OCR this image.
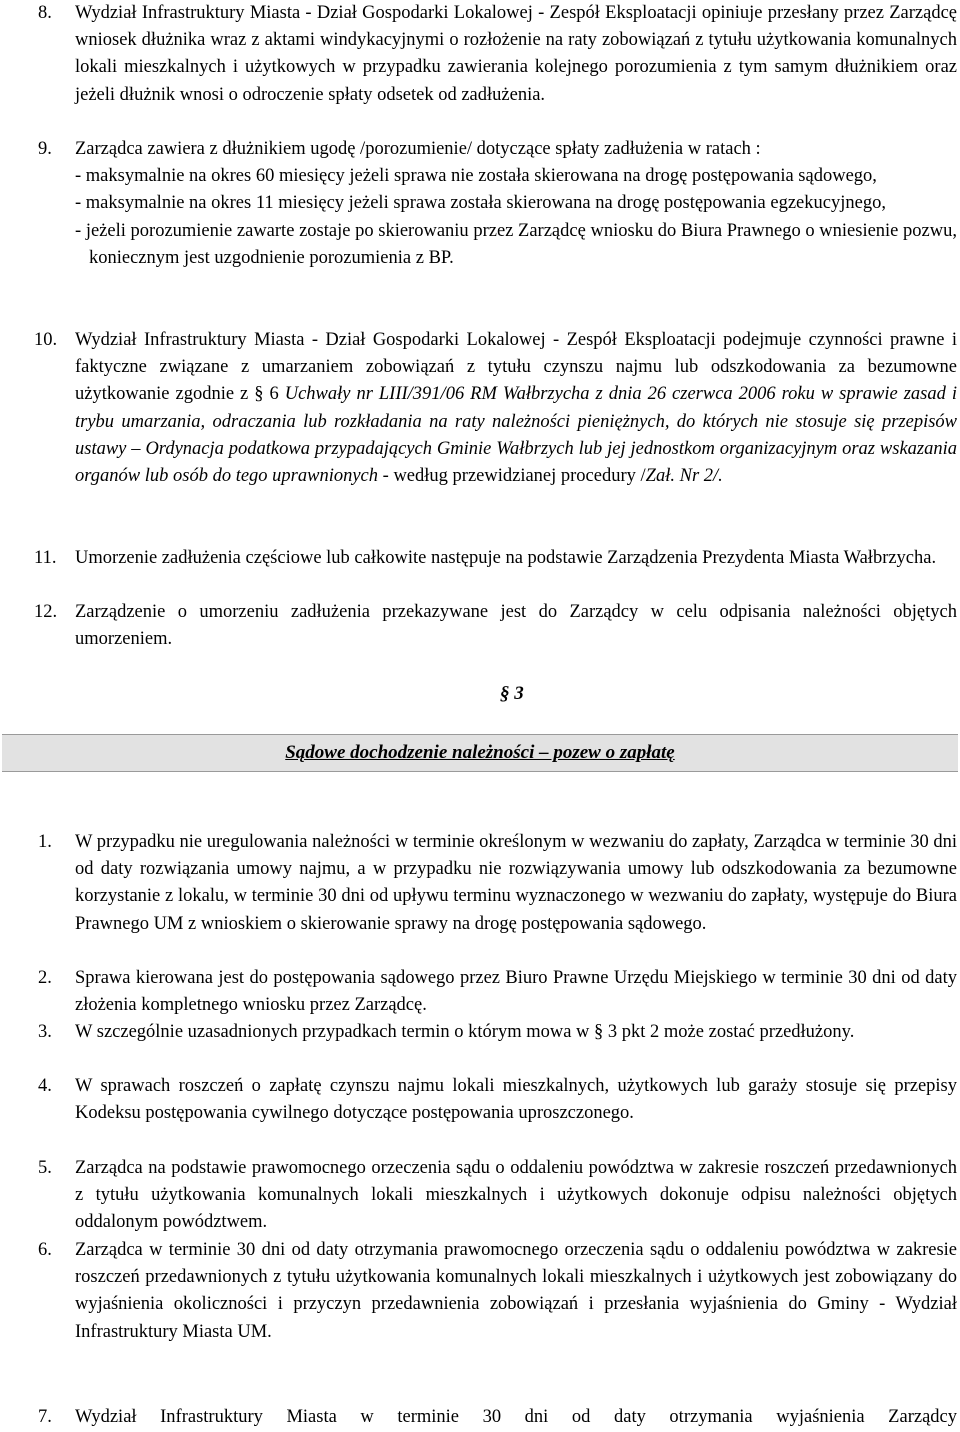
8. Wydział Infrastruktury Miasta - Dział Gospodarki Lokalowej - Zespół Eksploatacji opiniuje przesłany przez Zarządcę wniosek dłużnika wraz z aktami windykacyjnymi o rozłożenie na raty zobowiązań z tytułu użytkowania komunalnych lokali mieszkalnych i użytkowych w przypadku zawierania kolejnego porozumienia z tym samym dłużnikiem oraz jeżeli dłużnik wnosi o odroczenie spłaty odsetek od zadłużenia.
9. Zarządca zawiera z dłużnikiem ugodę /porozumienie/ dotyczące spłaty zadłużenia w ratach :
- maksymalnie na okres 60 miesięcy jeżeli sprawa nie została skierowana na drogę postępowania sądowego,
- maksymalnie na okres 11 miesięcy jeżeli sprawa została skierowana na drogę postępowania egzekucyjnego,
- jeżeli porozumienie zawarte zostaje po skierowaniu przez Zarządcę wniosku do Biura Prawnego o wniesienie pozwu, koniecznym jest uzgodnienie porozumienia z BP.
10. Wydział Infrastruktury Miasta - Dział Gospodarki Lokalowej - Zespół Eksploatacji podejmuje czynności prawne i faktyczne związane z umarzaniem zobowiązań z tytułu czynszu najmu lub odszkodowania za bezumowne użytkowanie zgodnie z § 6 Uchwały nr LIII/391/06 RM Wałbrzycha z dnia 26 czerwca 2006 roku w sprawie zasad i trybu umarzania, odraczania lub rozkładania na raty należności pieniężnych, do których nie stosuje się przepisów ustawy – Ordynacja podatkowa przypadających Gminie Wałbrzych lub jej jednostkom organizacyjnym oraz wskazania organów lub osób do tego uprawnionych - według przewidzianej procedury /Zał. Nr 2/.
11. Umorzenie zadłużenia częściowe lub całkowite następuje na podstawie Zarządzenia Prezydenta Miasta Wałbrzycha.
12. Zarządzenie o umorzeniu zadłużenia przekazywane jest do Zarządcy w celu odpisania należności objętych umorzeniem.
§ 3
Sądowe dochodzenie należności – pozew o zapłatę
1. W przypadku nie uregulowania należności w terminie określonym w wezwaniu do zapłaty, Zarządca w terminie 30 dni od daty rozwiązania umowy najmu, a w przypadku nie rozwiązywania umowy lub odszkodowania za bezumowne korzystanie z lokalu, w terminie 30 dni od upływu terminu wyznaczonego w wezwaniu do zapłaty, występuje do Biura Prawnego UM z wnioskiem o skierowanie sprawy na drogę postępowania sądowego.
2. Sprawa kierowana jest do postępowania sądowego przez Biuro Prawne Urzędu Miejskiego w terminie 30 dni od daty złożenia kompletnego wniosku przez Zarządcę.
3. W szczególnie uzasadnionych przypadkach termin o którym mowa w § 3 pkt 2 może zostać przedłużony.
4. W sprawach roszczeń o zapłatę czynszu najmu lokali mieszkalnych, użytkowych lub garaży stosuje się przepisy Kodeksu postępowania cywilnego dotyczące postępowania uproszczonego.
5. Zarządca na podstawie prawomocnego orzeczenia sądu o oddaleniu powództwa w zakresie roszczeń przedawnionych z tytułu użytkowania komunalnych lokali mieszkalnych i użytkowych dokonuje odpisu należności objętych oddalonym powództwem.
6. Zarządca w terminie 30 dni od daty otrzymania prawomocnego orzeczenia sądu o oddaleniu powództwa w zakresie roszczeń przedawnionych z tytułu użytkowania komunalnych lokali mieszkalnych i użytkowych jest zobowiązany do wyjaśnienia okoliczności i przyczyn przedawnienia zobowiązań i przesłania wyjaśnienia do Gminy - Wydział Infrastruktury Miasta UM.
7. Wydział Infrastruktury Miasta w terminie 30 dni od daty otrzymania wyjaśnienia Zarządcy
